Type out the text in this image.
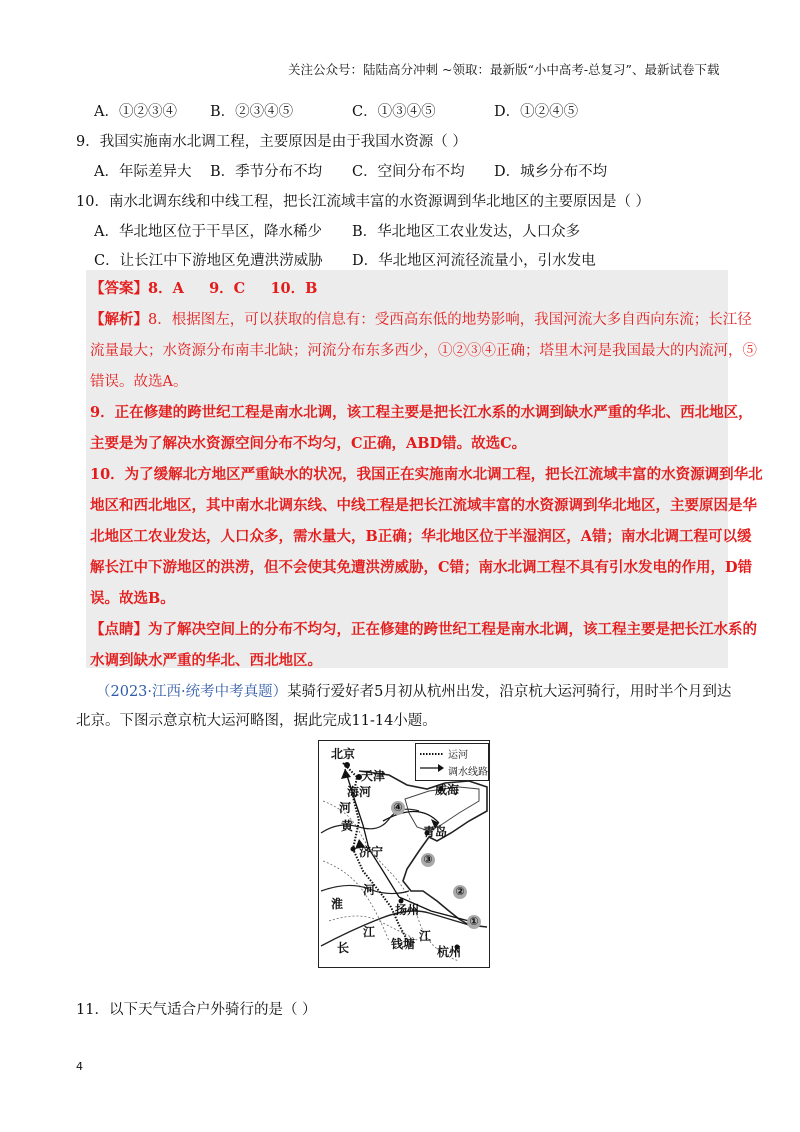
关注公众号：陆陆高分冲刺 ~领取：最新版“小中高考-总复习”、最新试卷下载
A．①②③④ B．②③④⑤	C．①③④⑤	D．①②④⑤
9．我国实施南水北调工程，主要原因是由于我国水资源（ ）
A．年际差异大 B．季节分布不均 C．空间分布不均 D．城乡分布不均
10．南水北调东线和中线工程，把长江流域丰富的水资源调到华北地区的主要原因是（ ）
A．华北地区位于干旱区，降水稀少 B．华北地区工农业发达，人口众多
C．让长江中下游地区免遭洪涝威胁 D．华北地区河流径流量小，引水发电
【答案】8．A     9．C     10．B
【解析】8．根据图左，可以获取的信息有：受西高东低的地势影响，我国河流大多自西向东流；长江径
流量最大；水资源分布南丰北缺；河流分布东多西少，①②③④正确；塔里木河是我国最大的内流河，⑤
错误。故选A。
9．正在修建的跨世纪工程是南水北调，该工程主要是把长江水系的水调到缺水严重的华北、西北地区，
主要是为了解决水资源空间分布不均匀，C正确，ABD错。故选C。
10．为了缓解北方地区严重缺水的状况，我国正在实施南水北调工程，把长江流域丰富的水资源调到华北
地区和西北地区，其中南水北调东线、中线工程是把长江流域丰富的水资源调到华北地区，主要原因是华
北地区工农业发达，人口众多，需水量大，B正确；华北地区位于半湿润区，A错；南水北调工程可以缓
解长江中下游地区的洪涝，但不会使其免遭洪涝威胁，C错；南水北调工程不具有引水发电的作用，D错
误。故选B。
【点睛】为了解决空间上的分布不均匀，正在修建的跨世纪工程是南水北调，该工程主要是把长江水系的
水调到缺水严重的华北、西北地区。
（2023·江西·统考中考真题）某骑行爱好者5月初从杭州出发，沿京杭大运河骑行，用时半个月到达
北京。下图示意京杭大运河略图，据此完成11-14小题。
运河
调水线路
北京
天津
海河
河
威海
黄	青岛
济宁
淮
河
扬州
长
江
钱塘
江
杭州
④
③
②
①
11．以下天气适合户外骑行的是（ ）
4
